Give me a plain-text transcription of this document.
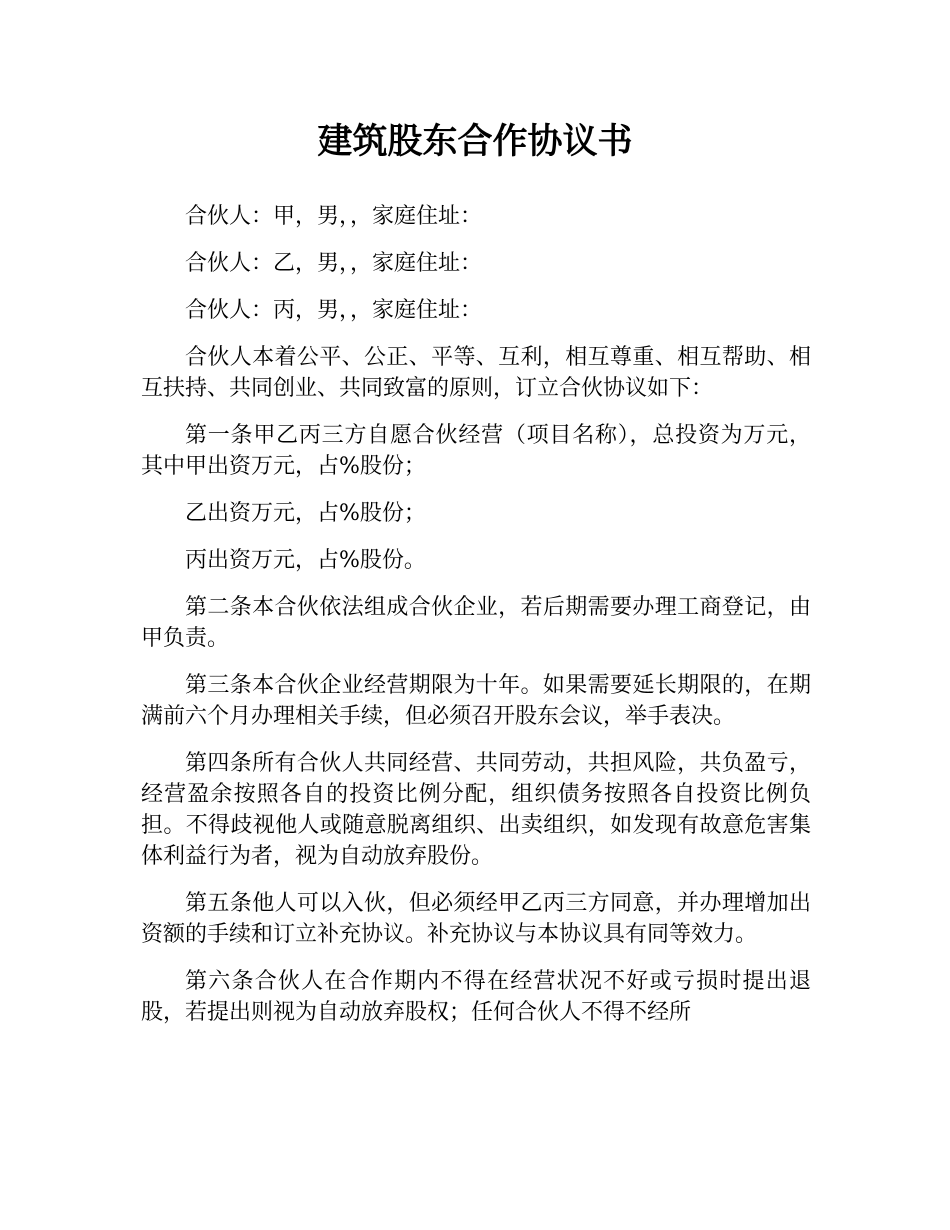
建筑股东合作协议书

合伙人：甲，男，，家庭住址：

合伙人：乙，男，，家庭住址：

合伙人：丙，男，，家庭住址：

合伙人本着公平、公正、平等、互利，相互尊重、相互帮助、相互扶持、共同创业、共同致富的原则，订立合伙协议如下：

第一条甲乙丙三方自愿合伙经营（项目名称），总投资为万元，其中甲出资万元，占%股份；

乙出资万元，占%股份；

丙出资万元，占%股份。

第二条本合伙依法组成合伙企业，若后期需要办理工商登记，由甲负责。

第三条本合伙企业经营期限为十年。如果需要延长期限的，在期满前六个月办理相关手续，但必须召开股东会议，举手表决。

第四条所有合伙人共同经营、共同劳动，共担风险，共负盈亏，经营盈余按照各自的投资比例分配，组织债务按照各自投资比例负担。不得歧视他人或随意脱离组织、出卖组织，如发现有故意危害集体利益行为者，视为自动放弃股份。

第五条他人可以入伙，但必须经甲乙丙三方同意，并办理增加出资额的手续和订立补充协议。补充协议与本协议具有同等效力。

第六条合伙人在合作期内不得在经营状况不好或亏损时提出退股，若提出则视为自动放弃股权；任何合伙人不得不经所
